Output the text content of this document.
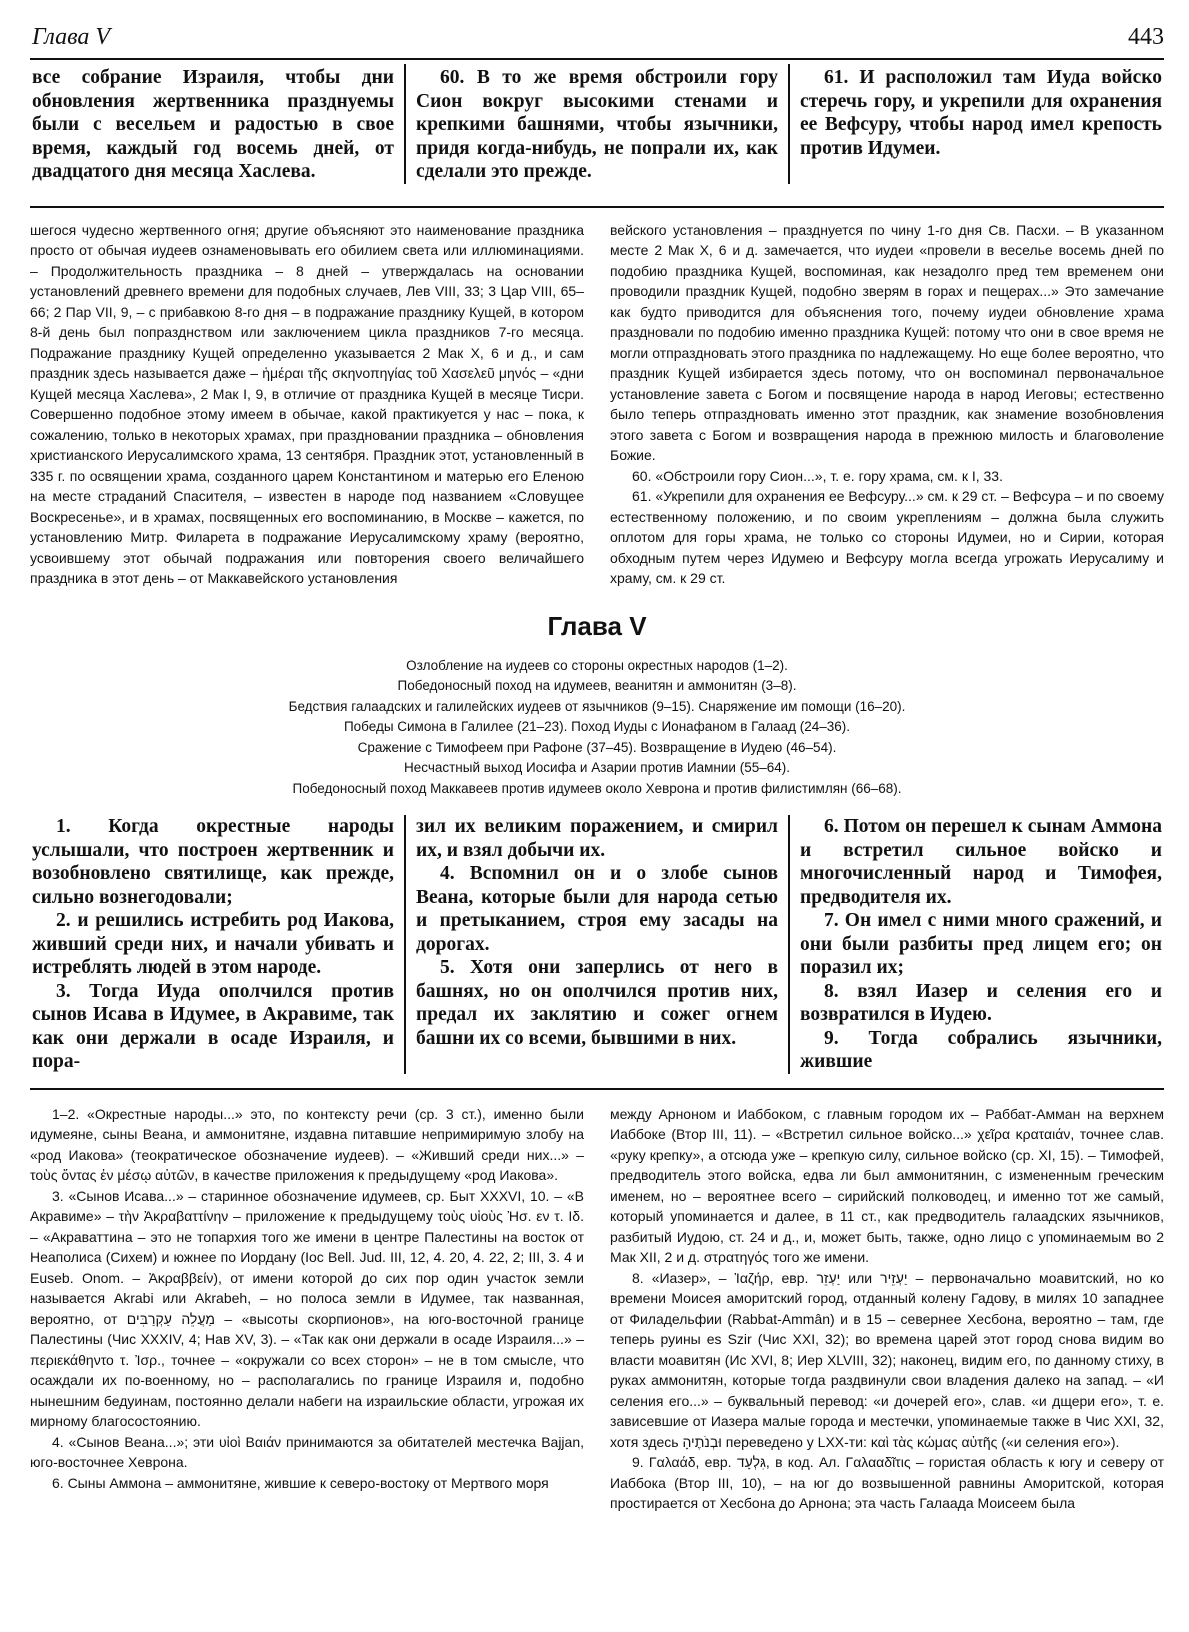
Глава V	443

все собрание Израиля, чтобы дни обновления жертвенника празднуемы были с весельем и радостью в свое время, каждый год восемь дней, от двадцатого дня месяца Хаслева.

60. В то же время обстроили гору Сион вокруг высокими стенами и крепкими башнями, чтобы язычники, придя когда-нибудь, не попрали их, как сделали это прежде.

61. И расположил там Иуда войско стеречь гору, и укрепили для охранения ее Вефсуру, чтобы народ имел крепость против Идумеи.

шегося чудесно жертвенного огня; другие объясняют это наименование праздника просто от обычая иудеев ознаменовывать его обилием света или иллюминациями. – Продолжительность праздника – 8 дней – утверждалась на основании установлений древнего времени для подобных случаев, Лев VIII, 33; 3 Цар VIII, 65–66; 2 Пар VII, 9, – с прибавкою 8-го дня – в подражание празднику Кущей, в котором 8-й день был попразднством или заключением цикла праздников 7-го месяца. Подражание празднику Кущей определенно указывается 2 Мак X, 6 и д., и сам праздник здесь называется даже – ἡμέραι τῆς σκηνοπηγίας τοῦ Χασελεῦ μηνός – «дни Кущей месяца Хаслева», 2 Мак I, 9, в отличие от праздника Кущей в месяце Тисри. Совершенно подобное этому имеем в обычае, какой практикуется у нас – пока, к сожалению, только в некоторых храмах, при праздновании праздника – обновления христианского Иерусалимского храма, 13 сентября. Праздник этот, установленный в 335 г. по освящении храма, созданного царем Константином и матерью его Еленою на месте страданий Спасителя, – известен в народе под названием «Словущее Воскресенье», и в храмах, посвященных его воспоминанию, в Москве – кажется, по установлению Митр. Филарета в подражание Иерусалимскому храму (вероятно, усвоившему этот обычай подражания или повторения своего величайшего праздника в этот день – от Маккавейского установления

вейского установления – празднуется по чину 1-го дня Св. Пасхи. – В указанном месте 2 Мак X, 6 и д. замечается, что иудеи «провели в веселье восемь дней по подобию праздника Кущей, воспоминая, как незадолго пред тем временем они проводили праздник Кущей, подобно зверям в горах и пещерах...» Это замечание как будто приводится для объяснения того, почему иудеи обновление храма праздновали по подобию именно праздника Кущей: потому что они в свое время не могли отпраздновать этого праздника по надлежащему. Но еще более вероятно, что праздник Кущей избирается здесь потому, что он воспоминал первоначальное установление завета с Богом и посвящение народа в народ Иеговы; естественно было теперь отпраздновать именно этот праздник, как знамение возобновления этого завета с Богом и возвращения народа в прежнюю милость и благоволение Божие.

60. «Обстроили гору Сион...», т. е. гору храма, см. к I, 33.

61. «Укрепили для охранения ее Вефсуру...» см. к 29 ст. – Вефсура – и по своему естественному положению, и по своим укреплениям – должна была служить оплотом для горы храма, не только со стороны Идумеи, но и Сирии, которая обходным путем через Идумею и Вефсуру могла всегда угрожать Иерусалиму и храму, см. к 29 ст.

Глава V
Озлобление на иудеев со стороны окрестных народов (1–2).
Победоносный поход на идумеев, веанитян и аммонитян (3–8).
Бедствия галаадских и галилейских иудеев от язычников (9–15). Снаряжение им помощи (16–20).
Победы Симона в Галилее (21–23). Поход Иуды с Ионафаном в Галаад (24–36).
Сражение с Тимофеем при Рафоне (37–45). Возвращение в Иудею (46–54).
Несчастный выход Иосифа и Азарии против Иамнии (55–64).
Победоносный поход Маккавеев против идумеев около Хеврона и против филистимлян (66–68).

1. Когда окрестные народы услышали, что построен жертвенник и возобновлено святилище, как прежде, сильно вознегодовали;

2. и решились истребить род Иакова, живший среди них, и начали убивать и истреблять людей в этом народе.

3. Тогда Иуда ополчился против сынов Исава в Идумее, в Акравиме, так как они держали в осаде Израиля, и пора-

зил их великим поражением, и смирил их, и взял добычи их.

4. Вспомнил он и о злобе сынов Веана, которые были для народа сетью и претыканием, строя ему засады на дорогах.

5. Хотя они заперлись от него в башнях, но он ополчился против них, предал их заклятию и сожег огнем башни их со всеми, бывшими в них.

6. Потом он перешел к сынам Аммона и встретил сильное войско и многочисленный народ и Тимофея, предводителя их.

7. Он имел с ними много сражений, и они были разбиты пред лицем его; он поразил их;

8. взял Иазер и селения его и возвратился в Иудею.

9. Тогда собрались язычники, жившие

1–2. «Окрестные народы...» это, по контексту речи (ср. 3 ст.), именно были идумеяне, сыны Веана, и аммонитяне, издавна питавшие непримиримую злобу на «род Иакова» (теократическое обозначение иудеев). – «Живший среди них...» – τοὺς ὄντας ἐν μέσῳ αὐτῶν, в качестве приложения к предыдущему «род Иакова».

3. «Сынов Исава...» – старинное обозначение идумеев, ср. Быт XXXVI, 10. – «В Акравиме» – τὴν Ἀκραβαττίνην – приложение к предыдущему τοὺς υἱοὺς Ἠσ. εν τ. Ιδ. – «Акраваттина – это не топархия того же имени в центре Палестины на восток от Неаполиса (Сихем) и южнее по Иордану (Ioc Bell. Jud. III, 12, 4. 20, 4. 22, 2; III, 3. 4 и Euseb. Onom. – Ἀκραββείν), от имени которой до сих пор один участок земли называется Akrabi или Akrabeh, – но полоса земли в Идумее, так названная, вероятно, от מַעֲלֵה עַקְרַבִּים – «высоты скорпионов», на юго-восточной границе Палестины (Чис XXXIV, 4; Нав XV, 3). – «Так как они держали в осаде Израиля...» – περιεκάθηντο τ. Ἰσρ., точнее – «окружали со всех сторон» – не в том смысле, что осаждали их по-военному, но – располагались по границе Израиля и, подобно нынешним бедуинам, постоянно делали набеги на израильские области, угрожая их мирному благосостоянию.

4. «Сынов Веана...»; эти υἱοὶ Βαιάν принимаются за обитателей местечка Bajjan, юго-восточнее Хеврона.

6. Сыны Аммона – аммонитяне, жившие к северо-востоку от Мертвого моря

между Арноном и Иаббоком, с главным городом их – Раббат-Амман на верхнем Иаббоке (Втор III, 11). – «Встретил сильное войско...» χεῖρα κραταιάν, точнее слав. «руку крепку», а отсюда уже – крепкую силу, сильное войско (ср. XI, 15). – Тимофей, предводитель этого войска, едва ли был аммонитянин, с измененным греческим именем, но – вероятнее всего – сирийский полководец, и именно тот же самый, который упоминается и далее, в 11 ст., как предводитель галаадских язычников, разбитый Иудою, ст. 24 и д., и, может быть, также, одно лицо с упоминаемым во 2 Мак XII, 2 и д. στρατηγός того же имени.

8. «Иазер», – Ἰαζήρ, евр. יַעְזֵר или יַעְזֵיר – первоначально моавитский, но ко времени Моисея аморитский город, отданный колену Гадову, в милях 10 западнее от Филадельфии (Rabbat-Ammân) и в 15 – севернее Хесбона, вероятно – там, где теперь руины es Szir (Чис XXI, 32); во времена царей этот город снова видим во власти моавитян (Ис XVI, 8; Иер XLVIII, 32); наконец, видим его, по данному стиху, в руках аммонитян, которые тогда раздвинули свои владения далеко на запад. – «И селения его...» – буквальный перевод: «и дочерей его», слав. «и дщери его», т. е. зависевшие от Иазера малые города и местечки, упоминаемые также в Чис XXI, 32, хотя здесь וּבְנֹתֶיהָ переведено у LXX-ти: καὶ τὰς κώμας αὐτῆς («и селения его»).

9. Γαλαάδ, евр. גִּלְעָד, в код. Ал. Γαλααδῖτις – гористая область к югу и северу от Иаббока (Втор III, 10), – на юг до возвышенной равнины Аморитской, которая простирается от Хесбона до Арнона; эта часть Галаада Моисеем была
